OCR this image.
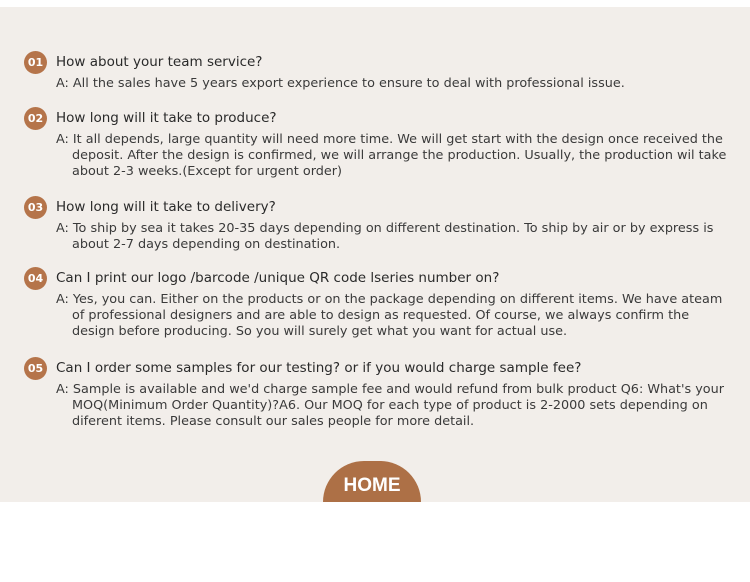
01 How about your team service?
A: All the sales have 5 years export experience to ensure to deal with professional issue.
02 How long will it take to produce?
A: It all depends, large quantity will need more time. We will get start with the design once received the deposit. After the design is confirmed, we will arrange the production. Usually, the production wil take about 2-3 weeks.(Except for urgent order)
03 How long will it take to delivery?
A: To ship by sea it takes 20-35 days depending on different destination. To ship by air or by express is about 2-7 days depending on destination.
04 Can I print our logo /barcode /unique QR code lseries number on?
A: Yes, you can. Either on the products or on the package depending on different items. We have ateam of professional designers and are able to design as requested. Of course, we always confirm the design before producing. So you will surely get what you want for actual use.
05 Can I order some samples for our testing? or if you would charge sample fee?
A: Sample is available and we'd charge sample fee and would refund from bulk product Q6: What's your MOQ(Minimum Order Quantity)?A6. Our MOQ for each type of product is 2-2000 sets depending on diferent items. Please consult our sales people for more detail.
HOME
